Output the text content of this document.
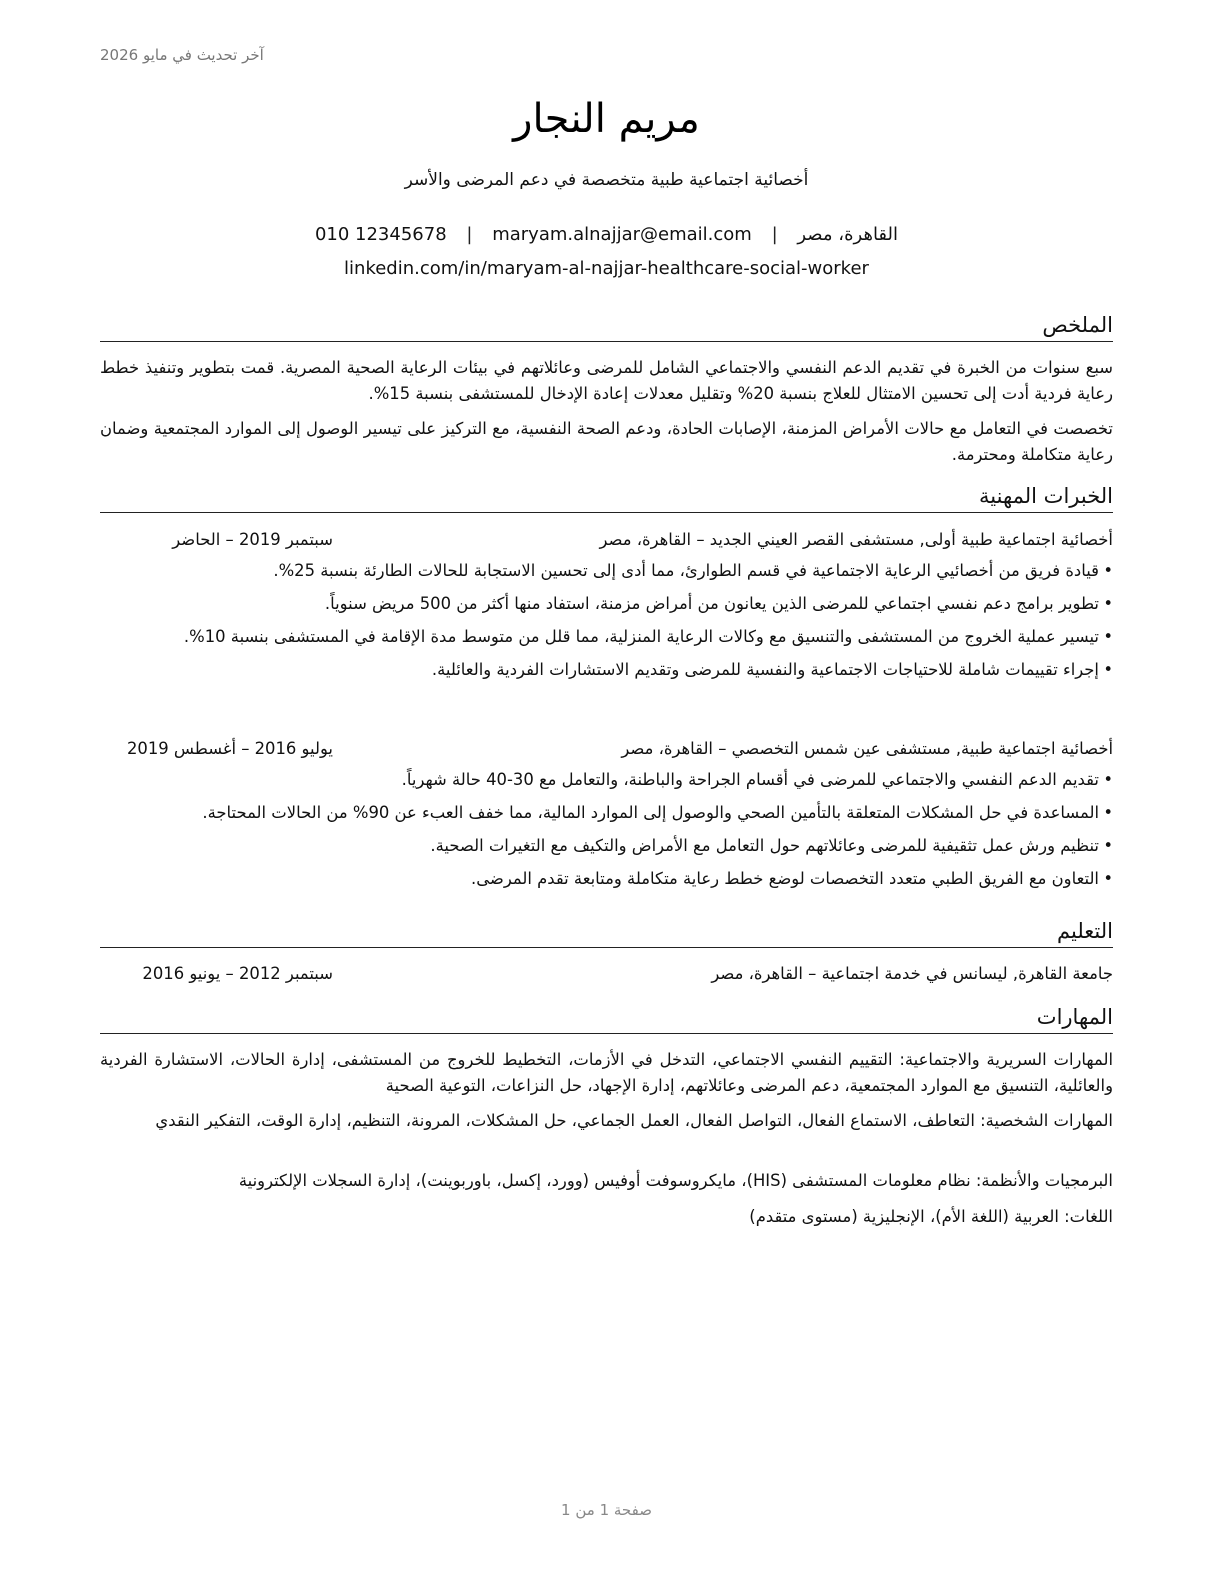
آخر تحديث في مايو 2026
مريم النجار
أخصائية اجتماعية طبية متخصصة في دعم المرضى والأسر
القاهرة، مصر | maryam.alnajjar@email.com | 010 12345678
linkedin.com/in/maryam-al-najjar-healthcare-social-worker
الملخص

سبع سنوات من الخبرة في تقديم الدعم النفسي والاجتماعي الشامل للمرضى وعائلاتهم في بيئات الرعاية الصحية المصرية. قمت بتطوير وتنفيذ خطط رعاية فردية أدت إلى تحسين الامتثال للعلاج بنسبة 20% وتقليل معدلات إعادة الإدخال للمستشفى بنسبة 15%.

تخصصت في التعامل مع حالات الأمراض المزمنة، الإصابات الحادة، ودعم الصحة النفسية، مع التركيز على تيسير الوصول إلى الموارد المجتمعية وضمان رعاية متكاملة ومحترمة.

الخبرات المهنية
أخصائية اجتماعية طبية أولى, مستشفى القصر العيني الجديد – القاهرة، مصر
سبتمبر 2019 – الحاضر
• قيادة فريق من أخصائيي الرعاية الاجتماعية في قسم الطوارئ، مما أدى إلى تحسين الاستجابة للحالات الطارئة بنسبة 25%.
• تطوير برامج دعم نفسي اجتماعي للمرضى الذين يعانون من أمراض مزمنة، استفاد منها أكثر من 500 مريض سنوياً.
• تيسير عملية الخروج من المستشفى والتنسيق مع وكالات الرعاية المنزلية، مما قلل من متوسط مدة الإقامة في المستشفى بنسبة 10%.
• إجراء تقييمات شاملة للاحتياجات الاجتماعية والنفسية للمرضى وتقديم الاستشارات الفردية والعائلية.
أخصائية اجتماعية طبية, مستشفى عين شمس التخصصي – القاهرة، مصر
يوليو 2016 – أغسطس 2019
• تقديم الدعم النفسي والاجتماعي للمرضى في أقسام الجراحة والباطنة، والتعامل مع 30-40 حالة شهرياً.
• المساعدة في حل المشكلات المتعلقة بالتأمين الصحي والوصول إلى الموارد المالية، مما خفف العبء عن 90% من الحالات المحتاجة.
• تنظيم ورش عمل تثقيفية للمرضى وعائلاتهم حول التعامل مع الأمراض والتكيف مع التغيرات الصحية.
• التعاون مع الفريق الطبي متعدد التخصصات لوضع خطط رعاية متكاملة ومتابعة تقدم المرضى.
التعليم
جامعة القاهرة, ليسانس في خدمة اجتماعية – القاهرة، مصر
سبتمبر 2012 – يونيو 2016
المهارات

المهارات السريرية والاجتماعية: التقييم النفسي الاجتماعي، التدخل في الأزمات، التخطيط للخروج من المستشفى، إدارة الحالات، الاستشارة الفردية والعائلية، التنسيق مع الموارد المجتمعية، دعم المرضى وعائلاتهم، إدارة الإجهاد، حل النزاعات، التوعية الصحية

المهارات الشخصية: التعاطف، الاستماع الفعال، التواصل الفعال، العمل الجماعي، حل المشكلات، المرونة، التنظيم، إدارة الوقت، التفكير النقدي

البرمجيات والأنظمة: نظام معلومات المستشفى (HIS)، مايكروسوفت أوفيس (وورد، إكسل، باوربوينت)، إدارة السجلات الإلكترونية

اللغات: العربية (اللغة الأم)، الإنجليزية (مستوى متقدم)

صفحة 1 من 1
